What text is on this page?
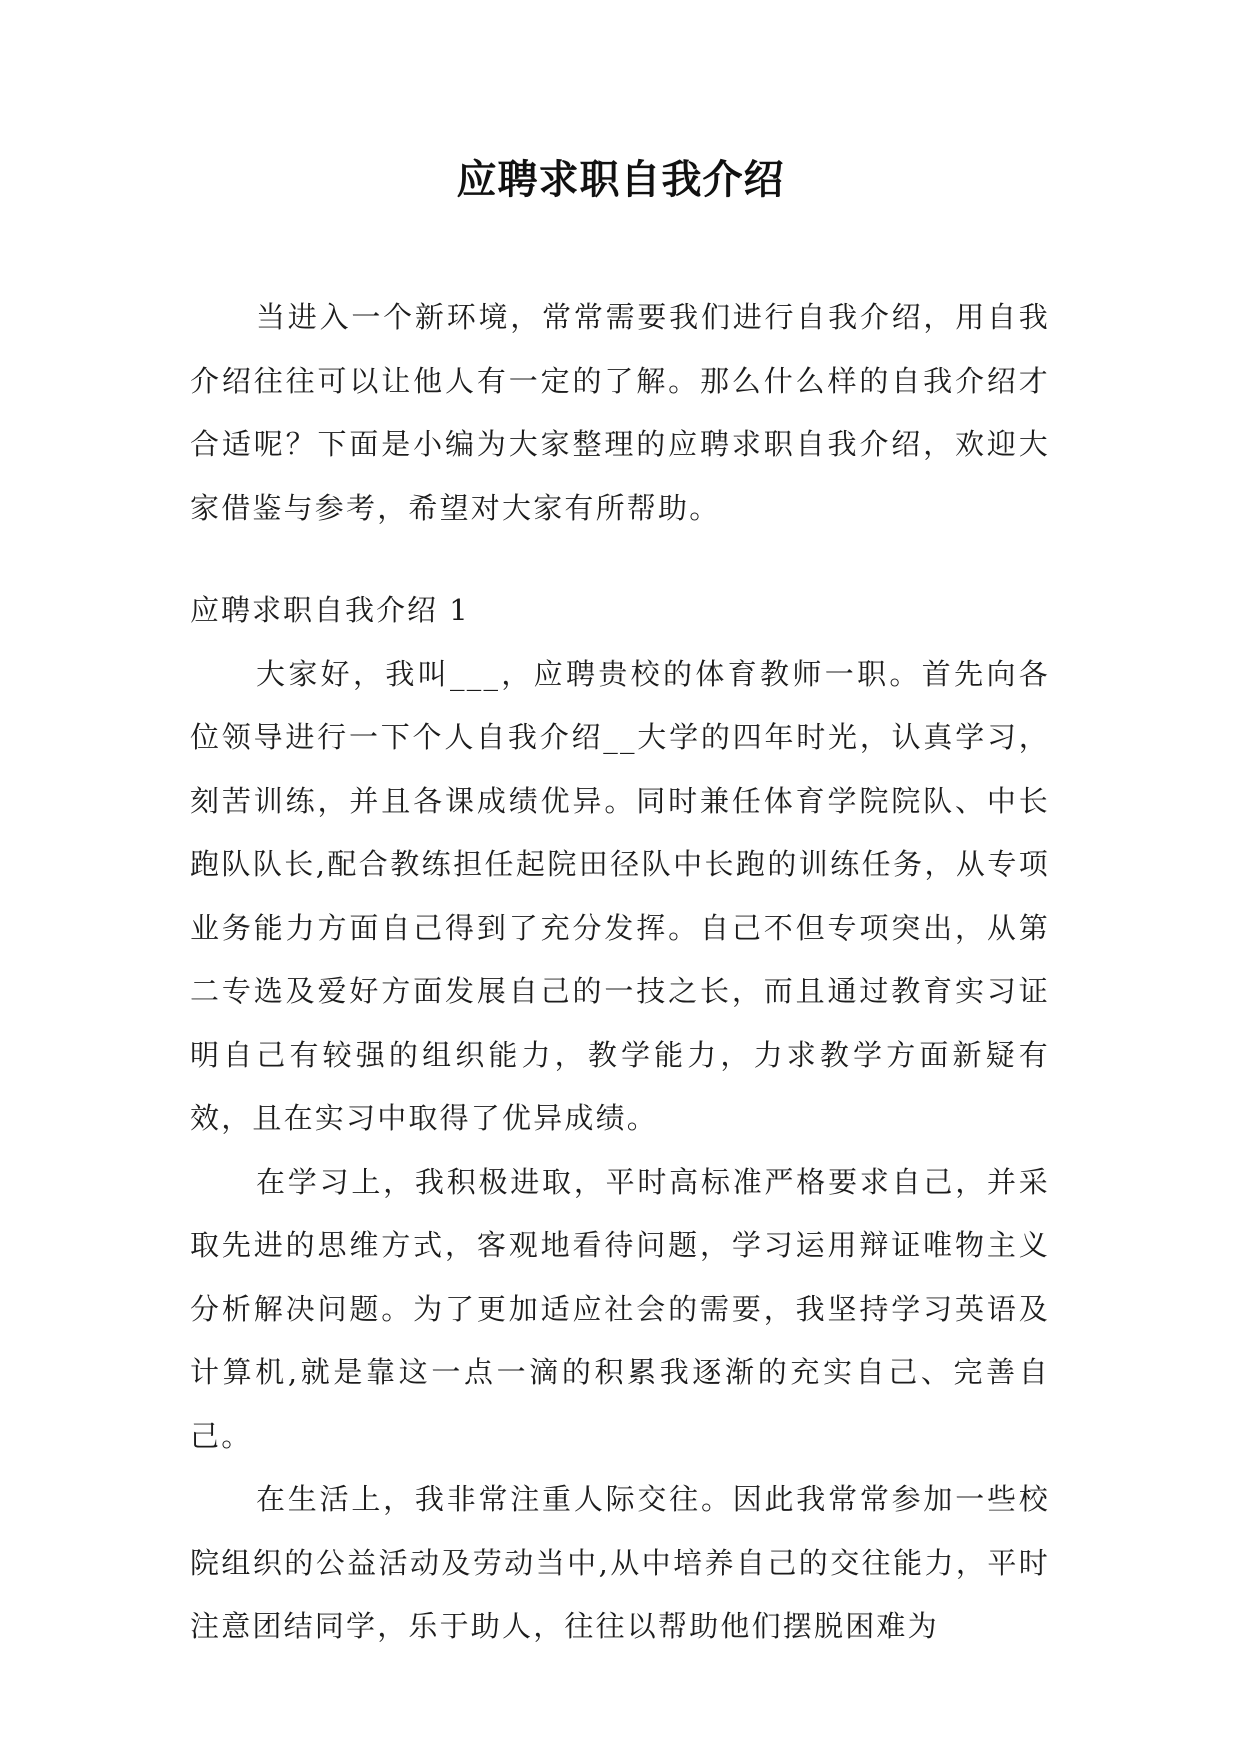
应聘求职自我介绍

当进入一个新环境，常常需要我们进行自我介绍，用自我介绍往往可以让他人有一定的了解。那么什么样的自我介绍才合适呢？下面是小编为大家整理的应聘求职自我介绍，欢迎大家借鉴与参考，希望对大家有所帮助。

应聘求职自我介绍 1

大家好，我叫___，应聘贵校的体育教师一职。首先向各位领导进行一下个人自我介绍__大学的四年时光，认真学习，刻苦训练，并且各课成绩优异。同时兼任体育学院院队、中长跑队队长,配合教练担任起院田径队中长跑的训练任务，从专项业务能力方面自己得到了充分发挥。自己不但专项突出，从第二专选及爱好方面发展自己的一技之长，而且通过教育实习证明自己有较强的组织能力，教学能力，力求教学方面新疑有效，且在实习中取得了优异成绩。

在学习上，我积极进取，平时高标准严格要求自己，并采取先进的思维方式，客观地看待问题，学习运用辩证唯物主义分析解决问题。为了更加适应社会的需要，我坚持学习英语及计算机,就是靠这一点一滴的积累我逐渐的充实自己、完善自己。

在生活上，我非常注重人际交往。因此我常常参加一些校院组织的公益活动及劳动当中,从中培养自己的交往能力，平时注意团结同学，乐于助人，往往以帮助他们摆脱困难为
